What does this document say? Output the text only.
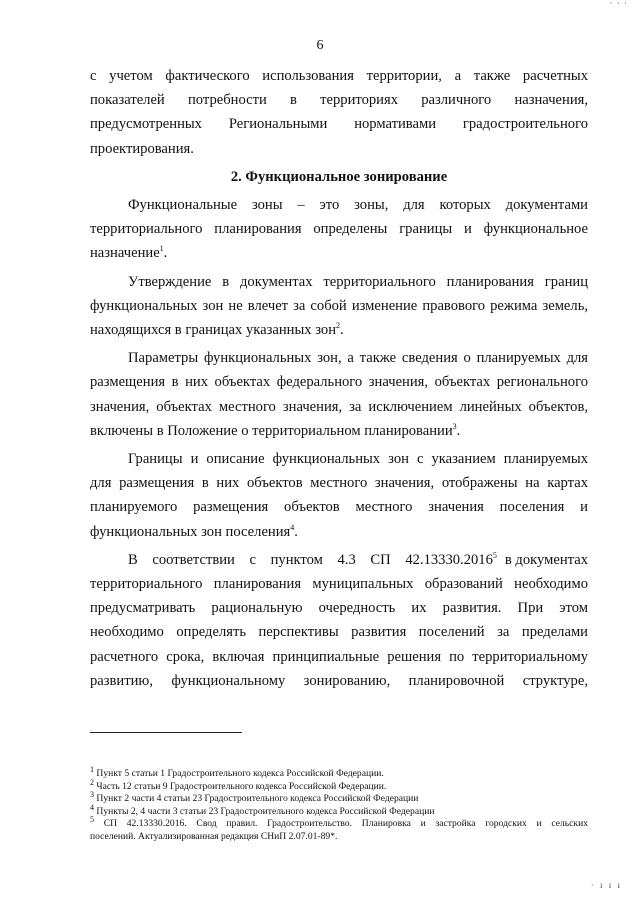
· · ·
6
с учетом фактического использования территории, а также расчетных
показателей потребности в территориях различного назначения,
предусмотренных Региональными нормативами градостроительного
проектирования.
2. Функциональное зонирование
Функциональные зоны – это зоны, для которых документами
территориального планирования определены границы и функциональное
назначение$^1$.
Утверждение в документах территориального планирования границ
функциональных зон не влечет за собой изменение правового режима земель,
находящихся в границах указанных зон$^2$.
Параметры функциональных зон, а также сведения о планируемых для
размещения в них объектах федерального значения, объектах регионального
значения, объектах местного значения, за исключением линейных объектов,
включены в Положение о территориальном планировании$^3$.
Границы и описание функциональных зон с указанием планируемых
для размещения в них объектов местного значения, отображены на картах
планируемого размещения объектов местного значения поселения и
функциональных зон поселения$^4$.
В соответствии с пунктом 4.3 СП 42.13330.2016$^5$ в документах
территориального планирования муниципальных образований необходимо
предусматривать рациональную очередность их развития. При этом
необходимо определять перспективы развития поселений за пределами
расчетного срока, включая принципиальные решения по территориальному
развитию, функциональному зонированию, планировочной структуре,
$^1$ Пункт 5 статьи 1 Градостроительного кодекса Российской Федерации.
$^2$ Часть 12 статьи 9 Градостроительного кодекса Российской Федерации.
$^3$ Пункт 2 части 4 статьи 23 Градостроительного кодекса Российской Федерации
$^4$ Пункты 2, 4 части 3 статьи 23 Градостроительного кодекса Российской Федерации
$^5$ СП 42.13330.2016. Свод правил. Градостроительство. Планировка и застройка городских и сельских
поселений. Актуализированная редакция СНиП 2.07.01-89*.
· ı ı ı
